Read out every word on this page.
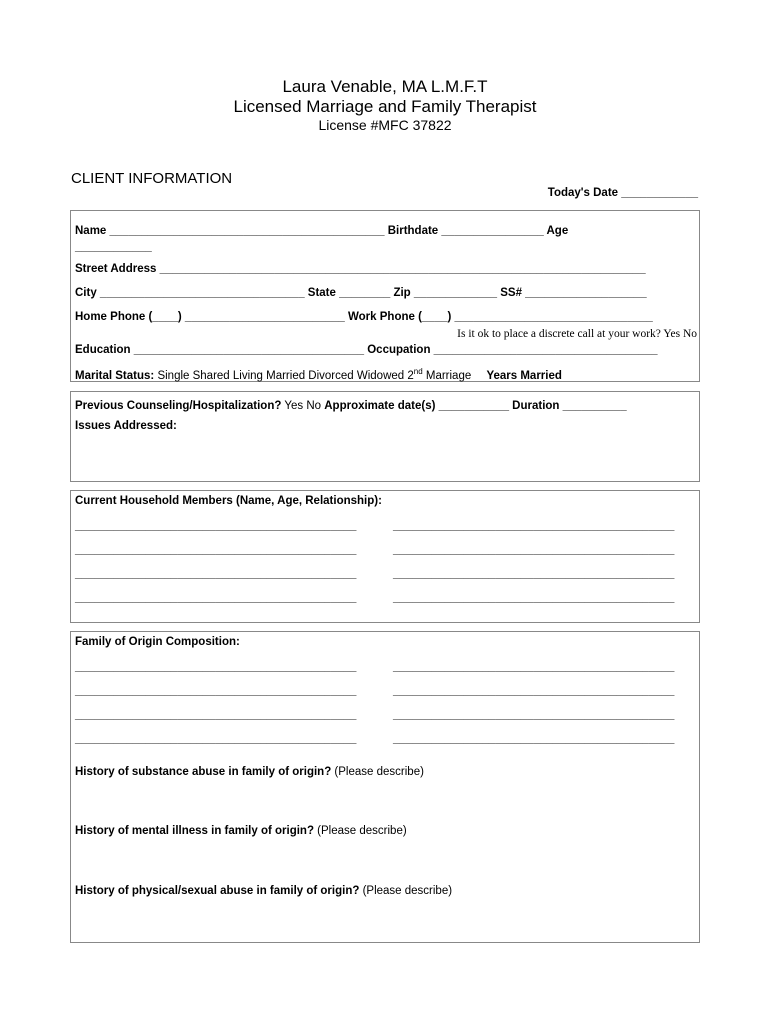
Laura Venable, MA L.M.F.T
Licensed Marriage and Family Therapist
License #MFC 37822
CLIENT INFORMATION
Today's Date ____________
Name ___________________________________________ Birthdate ________________ Age
____________
Street Address ____________________________________________________________________________
City ________________________________ State ________ Zip _____________ SS# ___________________
Home Phone (____) _________________________ Work Phone (____) _______________________________
Is it ok to place a discrete call at your work? Yes No
Education ____________________________________ Occupation ___________________________________
Marital Status: Single Shared Living Married Divorced Widowed 2nd Marriage Years Married
Previous Counseling/Hospitalization? Yes No Approximate date(s) ___________ Duration __________
Issues Addressed:
Current Household Members (Name, Age, Relationship):
____________________________________________	____________________________________________
____________________________________________	____________________________________________
____________________________________________	____________________________________________
____________________________________________	____________________________________________
Family of Origin Composition:
____________________________________________	____________________________________________
____________________________________________	____________________________________________
____________________________________________	____________________________________________
____________________________________________	____________________________________________
History of substance abuse in family of origin? (Please describe)
History of mental illness in family of origin? (Please describe)
History of physical/sexual abuse in family of origin? (Please describe)
